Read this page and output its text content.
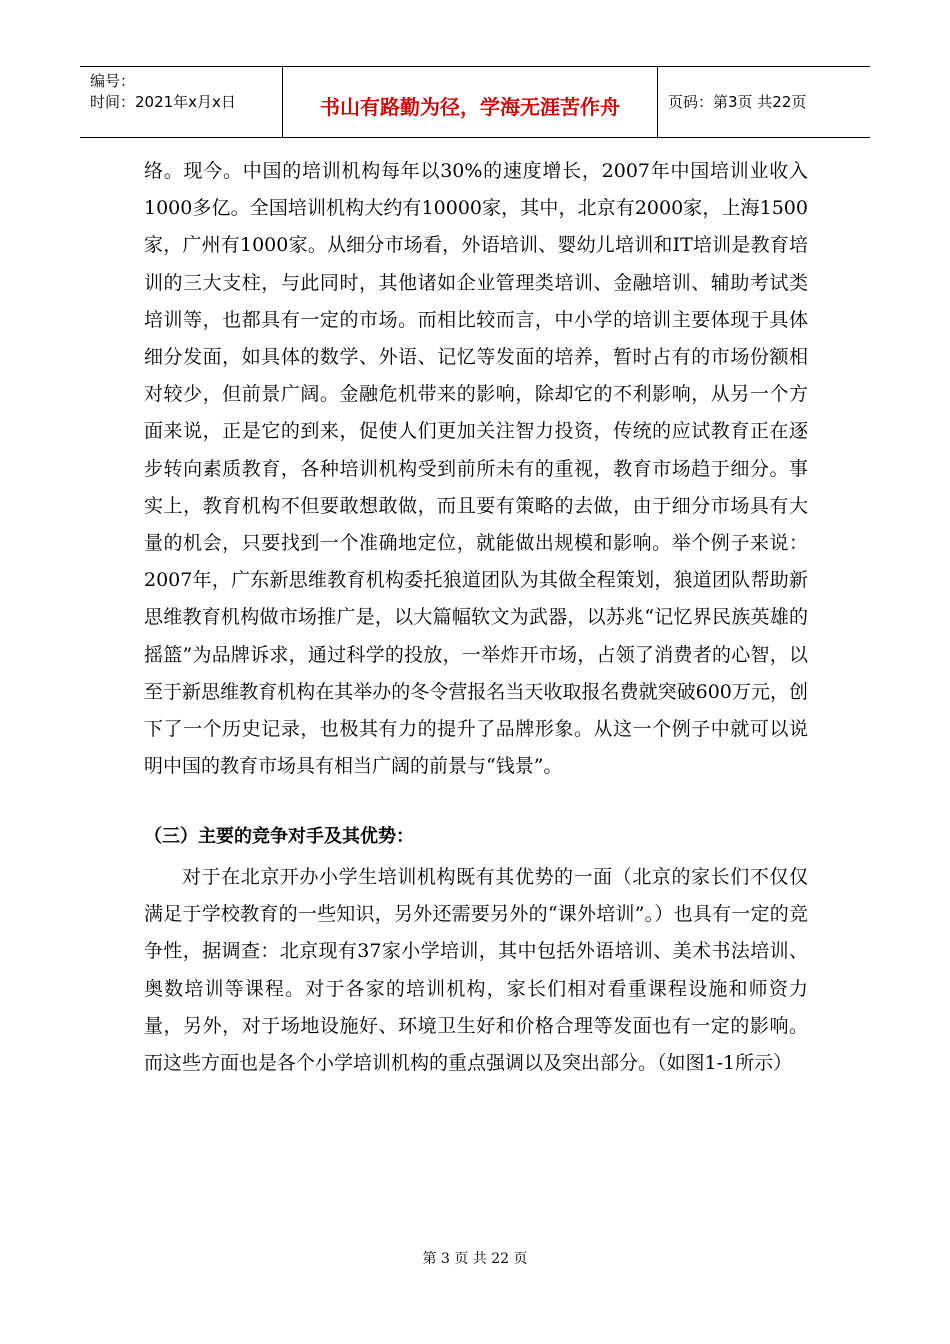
编号：
时间：2021年x月x日	书山有路勤为径，学海无涯苦作舟	页码：第3页 共22页

络。现今。中国的培训机构每年以30%的速度增长，2007年中国培训业收入1000多亿。全国培训机构大约有10000家，其中，北京有2000家，上海1500家，广州有1000家。从细分市场看，外语培训、婴幼儿培训和IT培训是教育培训的三大支柱，与此同时，其他诸如企业管理类培训、金融培训、辅助考试类培训等，也都具有一定的市场。而相比较而言，中小学的培训主要体现于具体细分发面，如具体的数学、外语、记忆等发面的培养，暂时占有的市场份额相对较少，但前景广阔。金融危机带来的影响，除却它的不利影响，从另一个方面来说，正是它的到来，促使人们更加关注智力投资，传统的应试教育正在逐步转向素质教育，各种培训机构受到前所未有的重视，教育市场趋于细分。事实上，教育机构不但要敢想敢做，而且要有策略的去做，由于细分市场具有大量的机会，只要找到一个准确地定位，就能做出规模和影响。举个例子来说：2007年，广东新思维教育机构委托狼道团队为其做全程策划，狼道团队帮助新思维教育机构做市场推广是，以大篇幅软文为武器，以苏兆“记忆界民族英雄的摇篮”为品牌诉求，通过科学的投放，一举炸开市场，占领了消费者的心智，以至于新思维教育机构在其举办的冬令营报名当天收取报名费就突破600万元，创下了一个历史记录，也极其有力的提升了品牌形象。从这一个例子中就可以说明中国的教育市场具有相当广阔的前景与“钱景”。

（三）主要的竞争对手及其优势：

对于在北京开办小学生培训机构既有其优势的一面（北京的家长们不仅仅满足于学校教育的一些知识，另外还需要另外的“课外培训”。）也具有一定的竞争性，据调查：北京现有37家小学培训，其中包括外语培训、美术书法培训、奥数培训等课程。对于各家的培训机构，家长们相对看重课程设施和师资力量，另外，对于场地设施好、环境卫生好和价格合理等发面也有一定的影响。而这些方面也是各个小学培训机构的重点强调以及突出部分。（如图1-1所示）

第 3 页 共 22 页
